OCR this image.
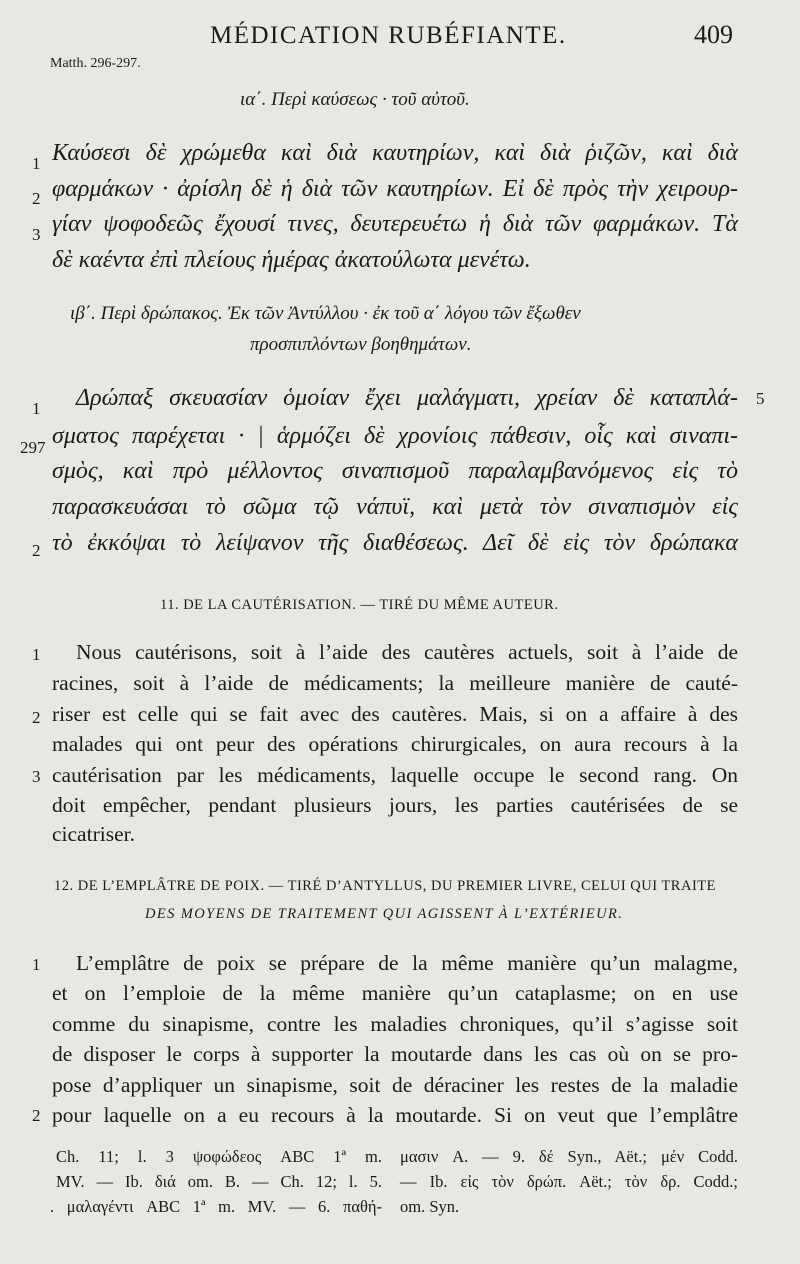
MÉDICATION RUBÉFIANTE.	409
Matth. 296-297.
ια΄. Περὶ καύσεως · τοῦ αὐτοῦ.
1
2
3
Καύσεσι δὲ χρώμεθα καὶ διὰ καυτηρίων, καὶ διὰ ῥιζῶν, καὶ διὰ
φαρμάκων · ἀρίσλη δὲ ἡ διὰ τῶν καυτηρίων. Εἰ δὲ πρὸς τὴν χειρουρ-
γίαν ψοφοδεῶς ἔχουσί τινες, δευτερευέτω ἡ διὰ τῶν φαρμάκων. Τὰ
δὲ καέντα ἐπὶ πλείους ἡμέρας ἀκατούλωτα μενέτω.
ιβ΄. Περὶ δρώπακος. Ἐκ τῶν Ἀντύλλου · ἐκ τοῦ α΄ λόγου τῶν ἔξωθεν
προσπιπλόντων βοηθημάτων.
1
297
2
5
Δρώπαξ σκευασίαν ὁμοίαν ἔχει μαλάγματι, χρείαν δὲ καταπλά-
σματος παρέχεται · | ἁρμόζει δὲ χρονίοις πάθεσιν, οἷς καὶ σιναπι-
σμὸς, καὶ πρὸ μέλλοντος σιναπισμοῦ παραλαμβανόμενος εἰς τὸ
παρασκευάσαι τὸ σῶμα τῷ νάπυϊ, καὶ μετὰ τὸν σιναπισμὸν εἰς
τὸ ἐκκόψαι τὸ λείψανον τῆς διαθέσεως. Δεῖ δὲ εἰς τὸν δρώπακα
11. DE LA CAUTÉRISATION. — TIRÉ DU MÊME AUTEUR.
1
2
3
Nous cautérisons, soit à l’aide des cautères actuels, soit à l’aide de
racines, soit à l’aide de médicaments; la meilleure manière de cauté-
riser est celle qui se fait avec des cautères. Mais, si on a affaire à des
malades qui ont peur des opérations chirurgicales, on aura recours à la
cautérisation par les médicaments, laquelle occupe le second rang. On
doit empêcher, pendant plusieurs jours, les parties cautérisées de se
cicatriser.
12. DE L’EMPLÂTRE DE POIX. — TIRÉ D’ANTYLLUS, DU PREMIER LIVRE, CELUI QUI TRAITE
DES MOYENS DE TRAITEMENT QUI AGISSENT À L’EXTÉRIEUR.
1
2
L’emplâtre de poix se prépare de la même manière qu’un malagme,
et on l’emploie de la même manière qu’un cataplasme; on en use
comme du sinapisme, contre les maladies chroniques, qu’il s’agisse soit
de disposer le corps à supporter la moutarde dans les cas où on se pro-
pose d’appliquer un sinapisme, soit de déraciner les restes de la maladie
pour laquelle on a eu recours à la moutarde. Si on veut que l’emplâtre
Ch. 11; l. 3 ψοφώδεος ABC 1ª m.
MV. — Ib. διά om. B. — Ch. 12; l. 5.
. μαλαγέντι ABC 1ª m. MV. — 6. παθή-
μασιν A. — 9. δέ Syn., Aët.; μέν Codd.
— Ib. εἰς τὸν δρώπ. Aët.; τὸν δρ. Codd.;
om. Syn.
